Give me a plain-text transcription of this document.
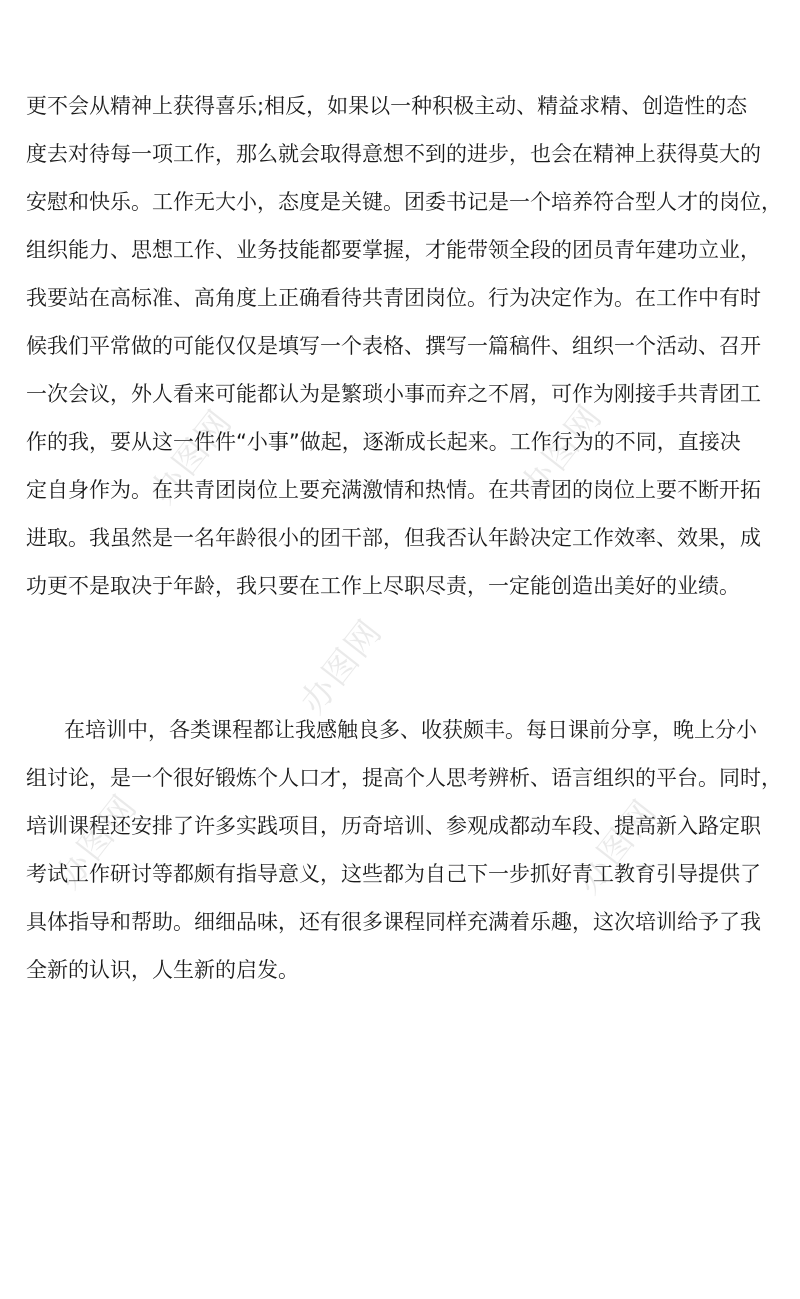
办图网	办图网
办图网
办图网	办图网
更不会从精神上获得喜乐;相反，如果以一种积极主动、精益求精、创造性的态
度去对待每一项工作，那么就会取得意想不到的进步，也会在精神上获得莫大的
安慰和快乐。工作无大小，态度是关键。团委书记是一个培养符合型人才的岗位，
组织能力、思想工作、业务技能都要掌握，才能带领全段的团员青年建功立业，
我要站在高标准、高角度上正确看待共青团岗位。行为决定作为。在工作中有时
候我们平常做的可能仅仅是填写一个表格、撰写一篇稿件、组织一个活动、召开
一次会议，外人看来可能都认为是繁琐小事而弃之不屑，可作为刚接手共青团工
作的我，要从这一件件“小事”做起，逐渐成长起来。工作行为的不同，直接决
定自身作为。在共青团岗位上要充满激情和热情。在共青团的岗位上要不断开拓
进取。我虽然是一名年龄很小的团干部，但我否认年龄决定工作效率、效果，成
功更不是取决于年龄，我只要在工作上尽职尽责，一定能创造出美好的业绩。
在培训中，各类课程都让我感触良多、收获颇丰。每日课前分享，晚上分小
组讨论，是一个很好锻炼个人口才，提高个人思考辨析、语言组织的平台。同时，
培训课程还安排了许多实践项目，历奇培训、参观成都动车段、提高新入路定职
考试工作研讨等都颇有指导意义，这些都为自己下一步抓好青工教育引导提供了
具体指导和帮助。细细品味，还有很多课程同样充满着乐趣，这次培训给予了我
全新的认识，人生新的启发。
